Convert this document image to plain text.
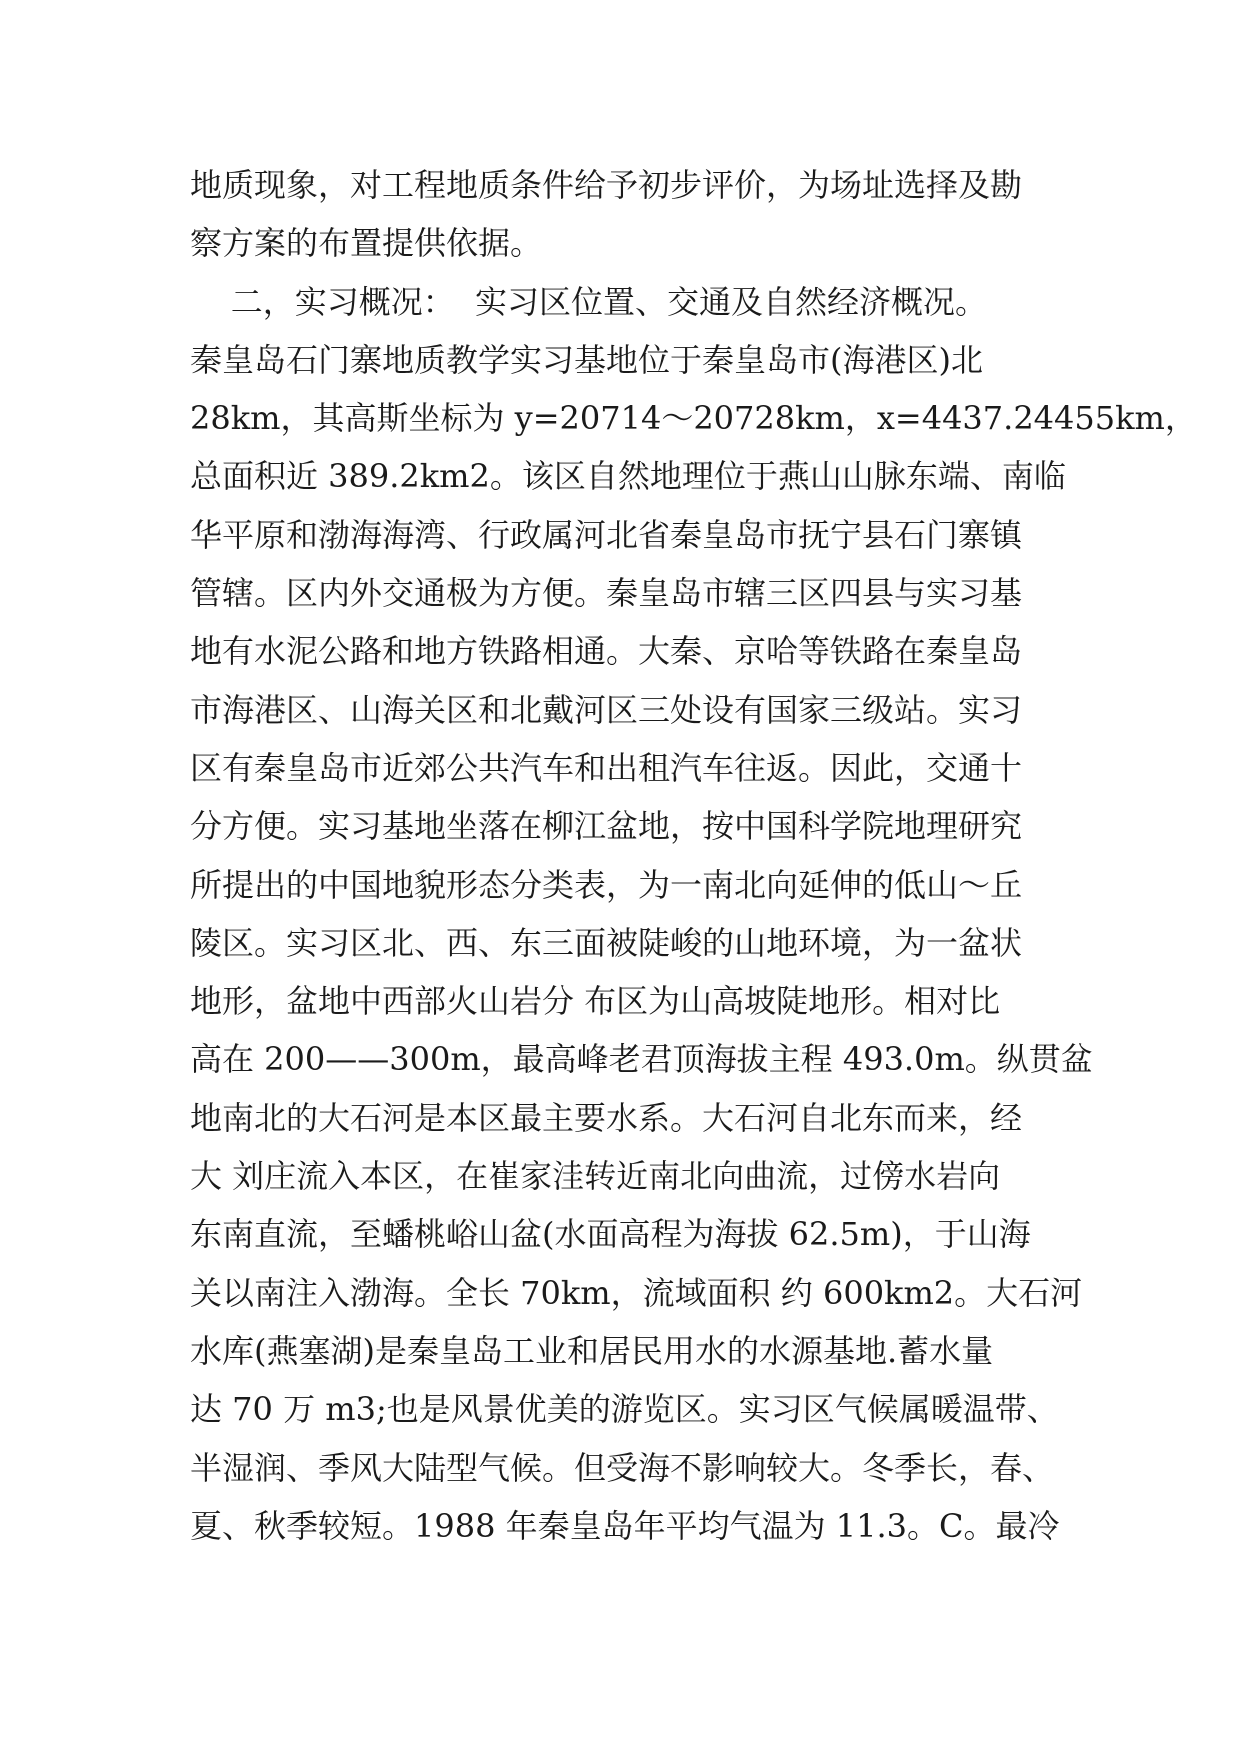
地质现象，对工程地质条件给予初步评价，为场址选择及勘
察方案的布置提供依据。
二，实习概况：  实习区位置、交通及自然经济概况。
秦皇岛石门寨地质教学实习基地位于秦皇岛市(海港区)北
28km，其高斯坐标为 y=20714～20728km，x=4437.24455km，
总面积近 389.2km2。该区自然地理位于燕山山脉东端、南临
华平原和渤海海湾、行政属河北省秦皇岛市抚宁县石门寨镇
管辖。区内外交通极为方便。秦皇岛市辖三区四县与实习基
地有水泥公路和地方铁路相通。大秦、京哈等铁路在秦皇岛
市海港区、山海关区和北戴河区三处设有国家三级站。实习
区有秦皇岛市近郊公共汽车和出租汽车往返。因此，交通十
分方便。实习基地坐落在柳江盆地，按中国科学院地理研究
所提出的中国地貌形态分类表，为一南北向延伸的低山～丘
陵区。实习区北、西、东三面被陡峻的山地环境，为一盆状
地形，盆地中西部火山岩分 布区为山高坡陡地形。相对比
高在 200——300m，最高峰老君顶海拔主程 493.0m。纵贯盆
地南北的大石河是本区最主要水系。大石河自北东而来，经
大 刘庄流入本区，在崔家洼转近南北向曲流，过傍水岩向
东南直流，至蟠桃峪山盆(水面高程为海拔 62.5m)，于山海
关以南注入渤海。全长 70km，流域面积 约 600km2。大石河
水库(燕塞湖)是秦皇岛工业和居民用水的水源基地.蓄水量
达 70 万 m3;也是风景优美的游览区。实习区气候属暖温带、
半湿润、季风大陆型气候。但受海不影响较大。冬季长，春、
夏、秋季较短。1988 年秦皇岛年平均气温为 11.3。C。最冷
